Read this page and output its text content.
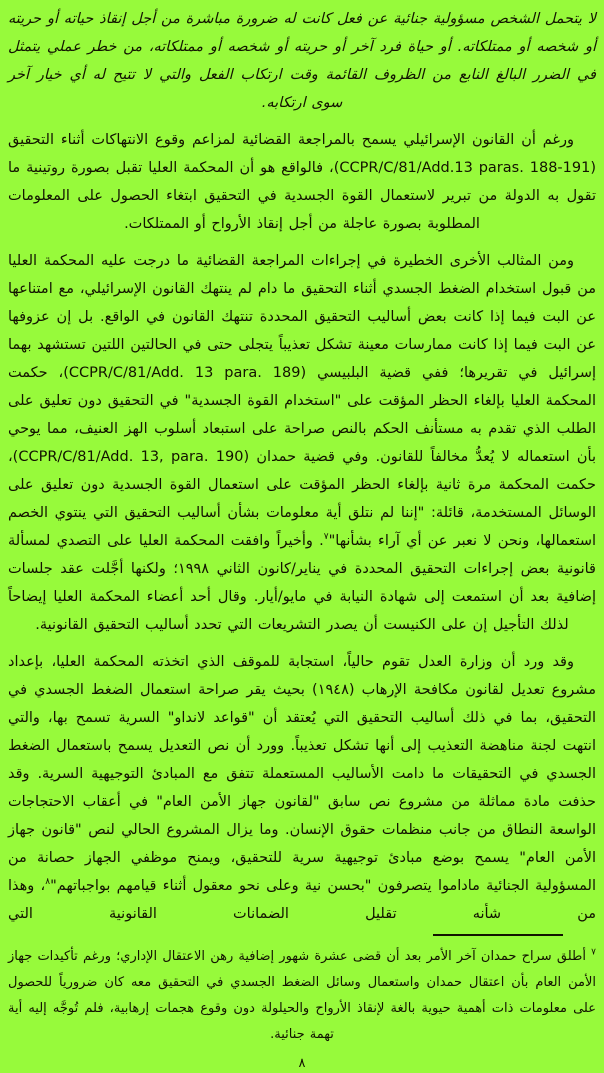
لا يتحمل الشخص مسؤولية جنائية عن فعل كانت له ضرورة مباشرة من أجل إنقاذ حياته أو حريته أو شخصه أو ممتلكاته. أو حياة فرد آخر أو حريته أو شخصه أو ممتلكاته، من خطر عملي يتمثل في الضرر البالغ النابع من الظروف القائمة وقت ارتكاب الفعل والتي لا تتيح له أي خيار آخر سوى ارتكابه.

ورغم أن القانون الإسرائيلي يسمح بالمراجعة القضائية لمزاعم وقوع الانتهاكات أثناء التحقيق (CCPR/C/81/Add.13 paras. 188-191)، فالواقع هو أن المحكمة العليا تقبل بصورة روتينية ما تقول به الدولة من تبرير لاستعمال القوة الجسدية في التحقيق ابتغاء الحصول على المعلومات المطلوبة بصورة عاجلة من أجل إنقاذ الأرواح أو الممتلكات.

ومن المثالب الأخرى الخطيرة في إجراءات المراجعة القضائية ما درجت عليه المحكمة العليا من قبول استخدام الضغط الجسدي أثناء التحقيق ما دام لم ينتهك القانون الإسرائيلي، مع امتناعها عن البت فيما إذا كانت بعض أساليب التحقيق المحددة تنتهك القانون في الواقع. بل إن عزوفها عن البت فيما إذا كانت ممارسات معينة تشكل تعذيباً يتجلى حتى في الحالتين اللتين تستشهد بهما إسرائيل في تقريرها؛ ففي قضية البلبيسي (CCPR/C/81/Add. 13 para. 189)، حكمت المحكمة العليا بإلغاء الحظر المؤقت على "استخدام القوة الجسدية" في التحقيق دون تعليق على الطلب الذي تقدم به مستأنف الحكم بالنص صراحة على استبعاد أسلوب الهز العنيف، مما يوحي بأن استعماله لا يُعدُّ مخالفاً للقانون. وفي قضية حمدان (CCPR/C/81/Add. 13, para. 190)، حكمت المحكمة مرة ثانية بإلغاء الحظر المؤقت على استعمال القوة الجسدية دون تعليق على الوسائل المستخدمة، قائلة: "إننا لم نتلق أية معلومات بشأن أساليب التحقيق التي ينتوي الخصم استعمالها، ونحن لا نعبر عن أي آراء بشأنها"$^٧$. وأخيراً وافقت المحكمة العليا على التصدي لمسألة قانونية بعض إجراءات التحقيق المحددة في يناير/كانون الثاني ١٩٩٨؛ ولكنها أجَّلت عقد جلسات إضافية بعد أن استمعت إلى شهادة النيابة في مايو/أيار. وقال أحد أعضاء المحكمة العليا إيضاحاً لذلك التأجيل إن على الكنيست أن يصدر التشريعات التي تحدد أساليب التحقيق القانونية.

وقد ورد أن وزارة العدل تقوم حالياً، استجابة للموقف الذي اتخذته المحكمة العليا، بإعداد مشروع تعديل لقانون مكافحة الإرهاب (١٩٤٨) بحيث يقر صراحة استعمال الضغط الجسدي في التحقيق، بما في ذلك أساليب التحقيق التي يُعتقد أن "قواعد لانداو" السرية تسمح بها، والتي انتهت لجنة مناهضة التعذيب إلى أنها تشكل تعذيباً. وورد أن نص التعديل يسمح باستعمال الضغط الجسدي في التحقيقات ما دامت الأساليب المستعملة تتفق مع المبادئ التوجيهية السرية. وقد حذفت مادة مماثلة من مشروع نص سابق "لقانون جهاز الأمن العام" في أعقاب الاحتجاجات الواسعة النطاق من جانب منظمات حقوق الإنسان. وما يزال المشروع الحالي لنص "قانون جهاز الأمن العام" يسمح بوضع مبادئ توجيهية سرية للتحقيق، ويمنح موظفي الجهاز حصانة من المسؤولية الجنائية ماداموا يتصرفون "بحسن نية وعلى نحو معقول أثناء قيامهم بواجباتهم"$^٨$، وهذا من شأنه تقليل الضمانات القانونية التي

$^٧$ أطلق سراح حمدان آخر الأمر بعد أن قضى عشرة شهور إضافية رهن الاعتقال الإداري؛ ورغم تأكيدات جهاز الأمن العام بأن اعتقال حمدان واستعمال وسائل الضغط الجسدي في التحقيق معه كان ضرورياً للحصول على معلومات ذات أهمية حيوية بالغة لإنقاذ الأرواح والحيلولة دون وقوع هجمات إرهابية، فلم تُوجَّه إليه أية تهمة جنائية.

٨
